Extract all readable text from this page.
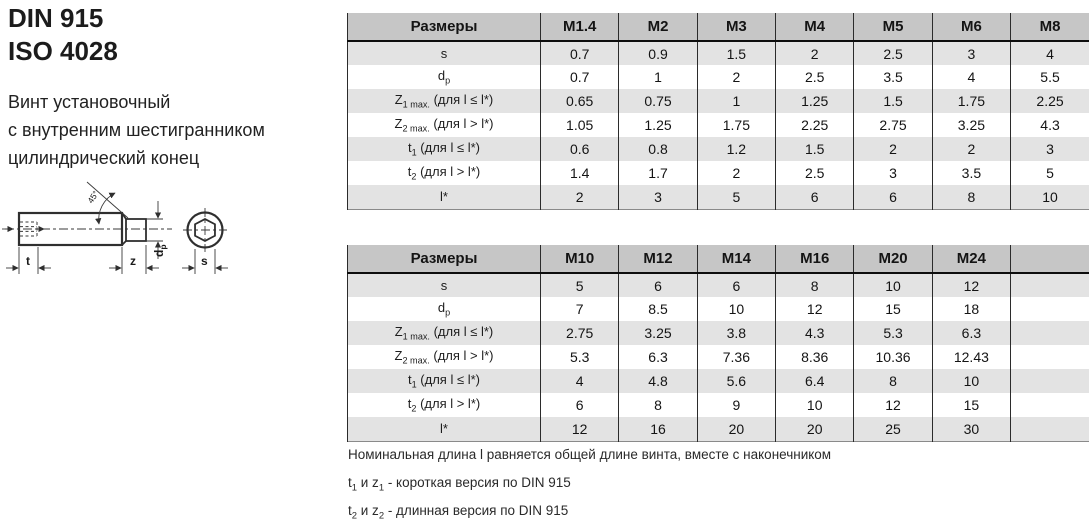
DIN 915
ISO 4028
Винт установочный
с внутренним шестигранником
цилиндрический конец
45°
$d_p$
t	z	s
Размеры	M1.4	M2	M3	M4	M5	M6	M8
s	0.7	0.9	1.5	2	2.5	3	4
$d_p$	0.7	1	2	2.5	3.5	4	5.5
$Z_{1 max.}$ (для l ≤ l*)	0.65	0.75	1	1.25	1.5	1.75	2.25
$Z_{2 max.}$ (для l > l*)	1.05	1.25	1.75	2.25	2.75	3.25	4.3
$t_1$ (для l ≤ l*)	0.6	0.8	1.2	1.5	2	2	3
$t_2$ (для l > l*)	1.4	1.7	2	2.5	3	3.5	5
l*	2	3	5	6	6	8	10
Размеры	M10	M12	M14	M16	M20	M24	
s	5	6	6	8	10	12	
$d_p$	7	8.5	10	12	15	18	
$Z_{1 max.}$ (для l ≤ l*)	2.75	3.25	3.8	4.3	5.3	6.3	
$Z_{2 max.}$ (для l > l*)	5.3	6.3	7.36	8.36	10.36	12.43	
$t_1$ (для l ≤ l*)	4	4.8	5.6	6.4	8	10	
$t_2$ (для l > l*)	6	8	9	10	12	15	
l*	12	16	20	20	25	30	
Номинальная длина l равняется общей длине винта, вместе с наконечником
$t_1$ и $z_1$ - короткая версия по DIN 915
$t_2$ и $z_2$ - длинная версия по DIN 915
